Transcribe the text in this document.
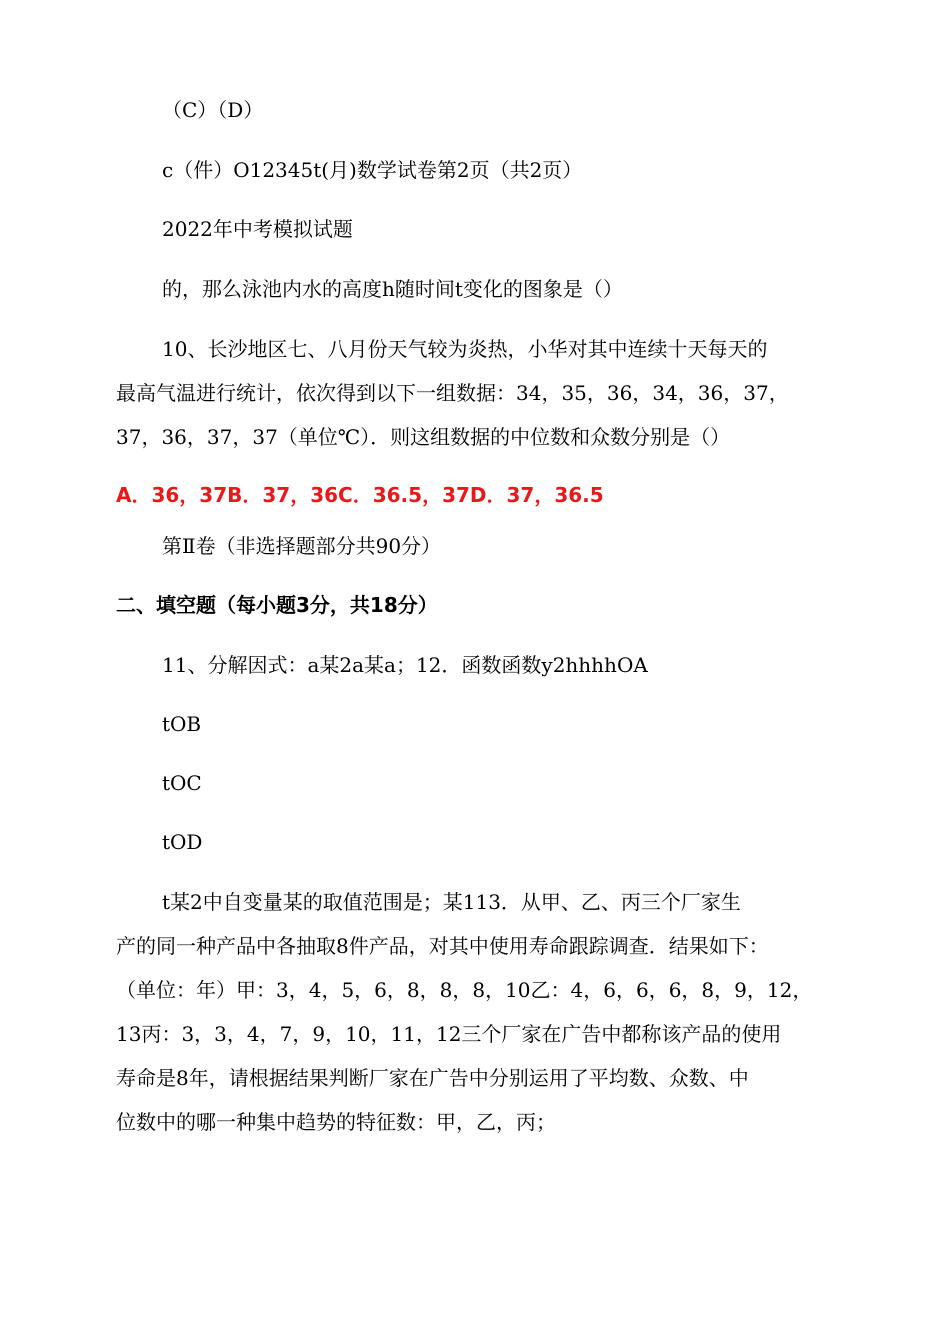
（C）（D）
c（件）O12345t(月)数学试卷第2页（共2页）
2022年中考模拟试题
的，那么泳池内水的高度h随时间t变化的图象是（）
10、长沙地区七、八月份天气较为炎热，小华对其中连续十天每天的
最高气温进行统计，依次得到以下一组数据：34，35，36，34，36，37，
37，36，37，37（单位℃）．则这组数据的中位数和众数分别是（）
A．36，37B．37，36C．36.5，37D．37，36.5
第Ⅱ卷（非选择题部分共90分）
二、填空题（每小题3分，共18分）
11、分解因式：a某2a某a；12．函数函数y2hhhhOA
tOB
tOC
tOD
t某2中自变量某的取值范围是；某113．从甲、乙、丙三个厂家生
产的同一种产品中各抽取8件产品，对其中使用寿命跟踪调查．结果如下：
（单位：年）甲：3，4，5，6，8，8，8，10乙：4，6，6，6，8，9，12，
13丙：3，3，4，7，9，10，11，12三个厂家在广告中都称该产品的使用
寿命是8年，请根据结果判断厂家在广告中分别运用了平均数、众数、中
位数中的哪一种集中趋势的特征数：甲，乙，丙；
